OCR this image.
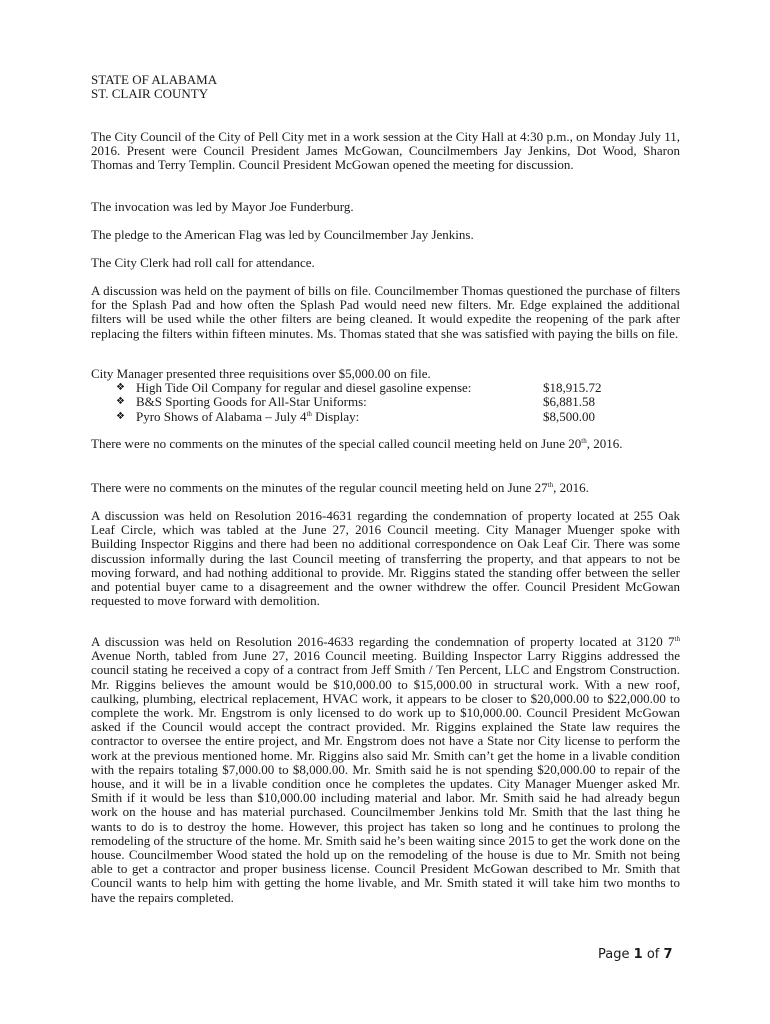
STATE OF ALABAMA
ST. CLAIR COUNTY
The City Council of the City of Pell City met in a work session at the City Hall at 4:30 p.m., on Monday July 11, 2016. Present were Council President James McGowan, Councilmembers Jay Jenkins, Dot Wood, Sharon Thomas and Terry Templin. Council President McGowan opened the meeting for discussion.
The invocation was led by Mayor Joe Funderburg.
The pledge to the American Flag was led by Councilmember Jay Jenkins.
The City Clerk had roll call for attendance.
A discussion was held on the payment of bills on file. Councilmember Thomas questioned the purchase of filters for the Splash Pad and how often the Splash Pad would need new filters. Mr. Edge explained the additional filters will be used while the other filters are being cleaned. It would expedite the reopening of the park after replacing the filters within fifteen minutes. Ms. Thomas stated that she was satisfied with paying the bills on file.
City Manager presented three requisitions over $5,000.00 on file.
❖ High Tide Oil Company for regular and diesel gasoline expense:	$18,915.72
❖ B&S Sporting Goods for All-Star Uniforms:	$6,881.58
❖ Pyro Shows of Alabama – July 4th Display:	$8,500.00
There were no comments on the minutes of the special called council meeting held on June 20th, 2016.
There were no comments on the minutes of the regular council meeting held on June 27th, 2016.
A discussion was held on Resolution 2016-4631 regarding the condemnation of property located at 255 Oak Leaf Circle, which was tabled at the June 27, 2016 Council meeting. City Manager Muenger spoke with Building Inspector Riggins and there had been no additional correspondence on Oak Leaf Cir. There was some discussion informally during the last Council meeting of transferring the property, and that appears to not be moving forward, and had nothing additional to provide. Mr. Riggins stated the standing offer between the seller and potential buyer came to a disagreement and the owner withdrew the offer. Council President McGowan requested to move forward with demolition.
A discussion was held on Resolution 2016-4633 regarding the condemnation of property located at 3120 7th Avenue North, tabled from June 27, 2016 Council meeting. Building Inspector Larry Riggins addressed the council stating he received a copy of a contract from Jeff Smith / Ten Percent, LLC and Engstrom Construction. Mr. Riggins believes the amount would be $10,000.00 to $15,000.00 in structural work. With a new roof, caulking, plumbing, electrical replacement, HVAC work, it appears to be closer to $20,000.00 to $22,000.00 to complete the work. Mr. Engstrom is only licensed to do work up to $10,000.00. Council President McGowan asked if the Council would accept the contract provided. Mr. Riggins explained the State law requires the contractor to oversee the entire project, and Mr. Engstrom does not have a State nor City license to perform the work at the previous mentioned home. Mr. Riggins also said Mr. Smith can’t get the home in a livable condition with the repairs totaling $7,000.00 to $8,000.00. Mr. Smith said he is not spending $20,000.00 to repair of the house, and it will be in a livable condition once he completes the updates. City Manager Muenger asked Mr. Smith if it would be less than $10,000.00 including material and labor. Mr. Smith said he had already begun work on the house and has material purchased. Councilmember Jenkins told Mr. Smith that the last thing he wants to do is to destroy the home. However, this project has taken so long and he continues to prolong the remodeling of the structure of the home. Mr. Smith said he’s been waiting since 2015 to get the work done on the house. Councilmember Wood stated the hold up on the remodeling of the house is due to Mr. Smith not being able to get a contractor and proper business license. Council President McGowan described to Mr. Smith that Council wants to help him with getting the home livable, and Mr. Smith stated it will take him two months to have the repairs completed.
Page 1 of 7
